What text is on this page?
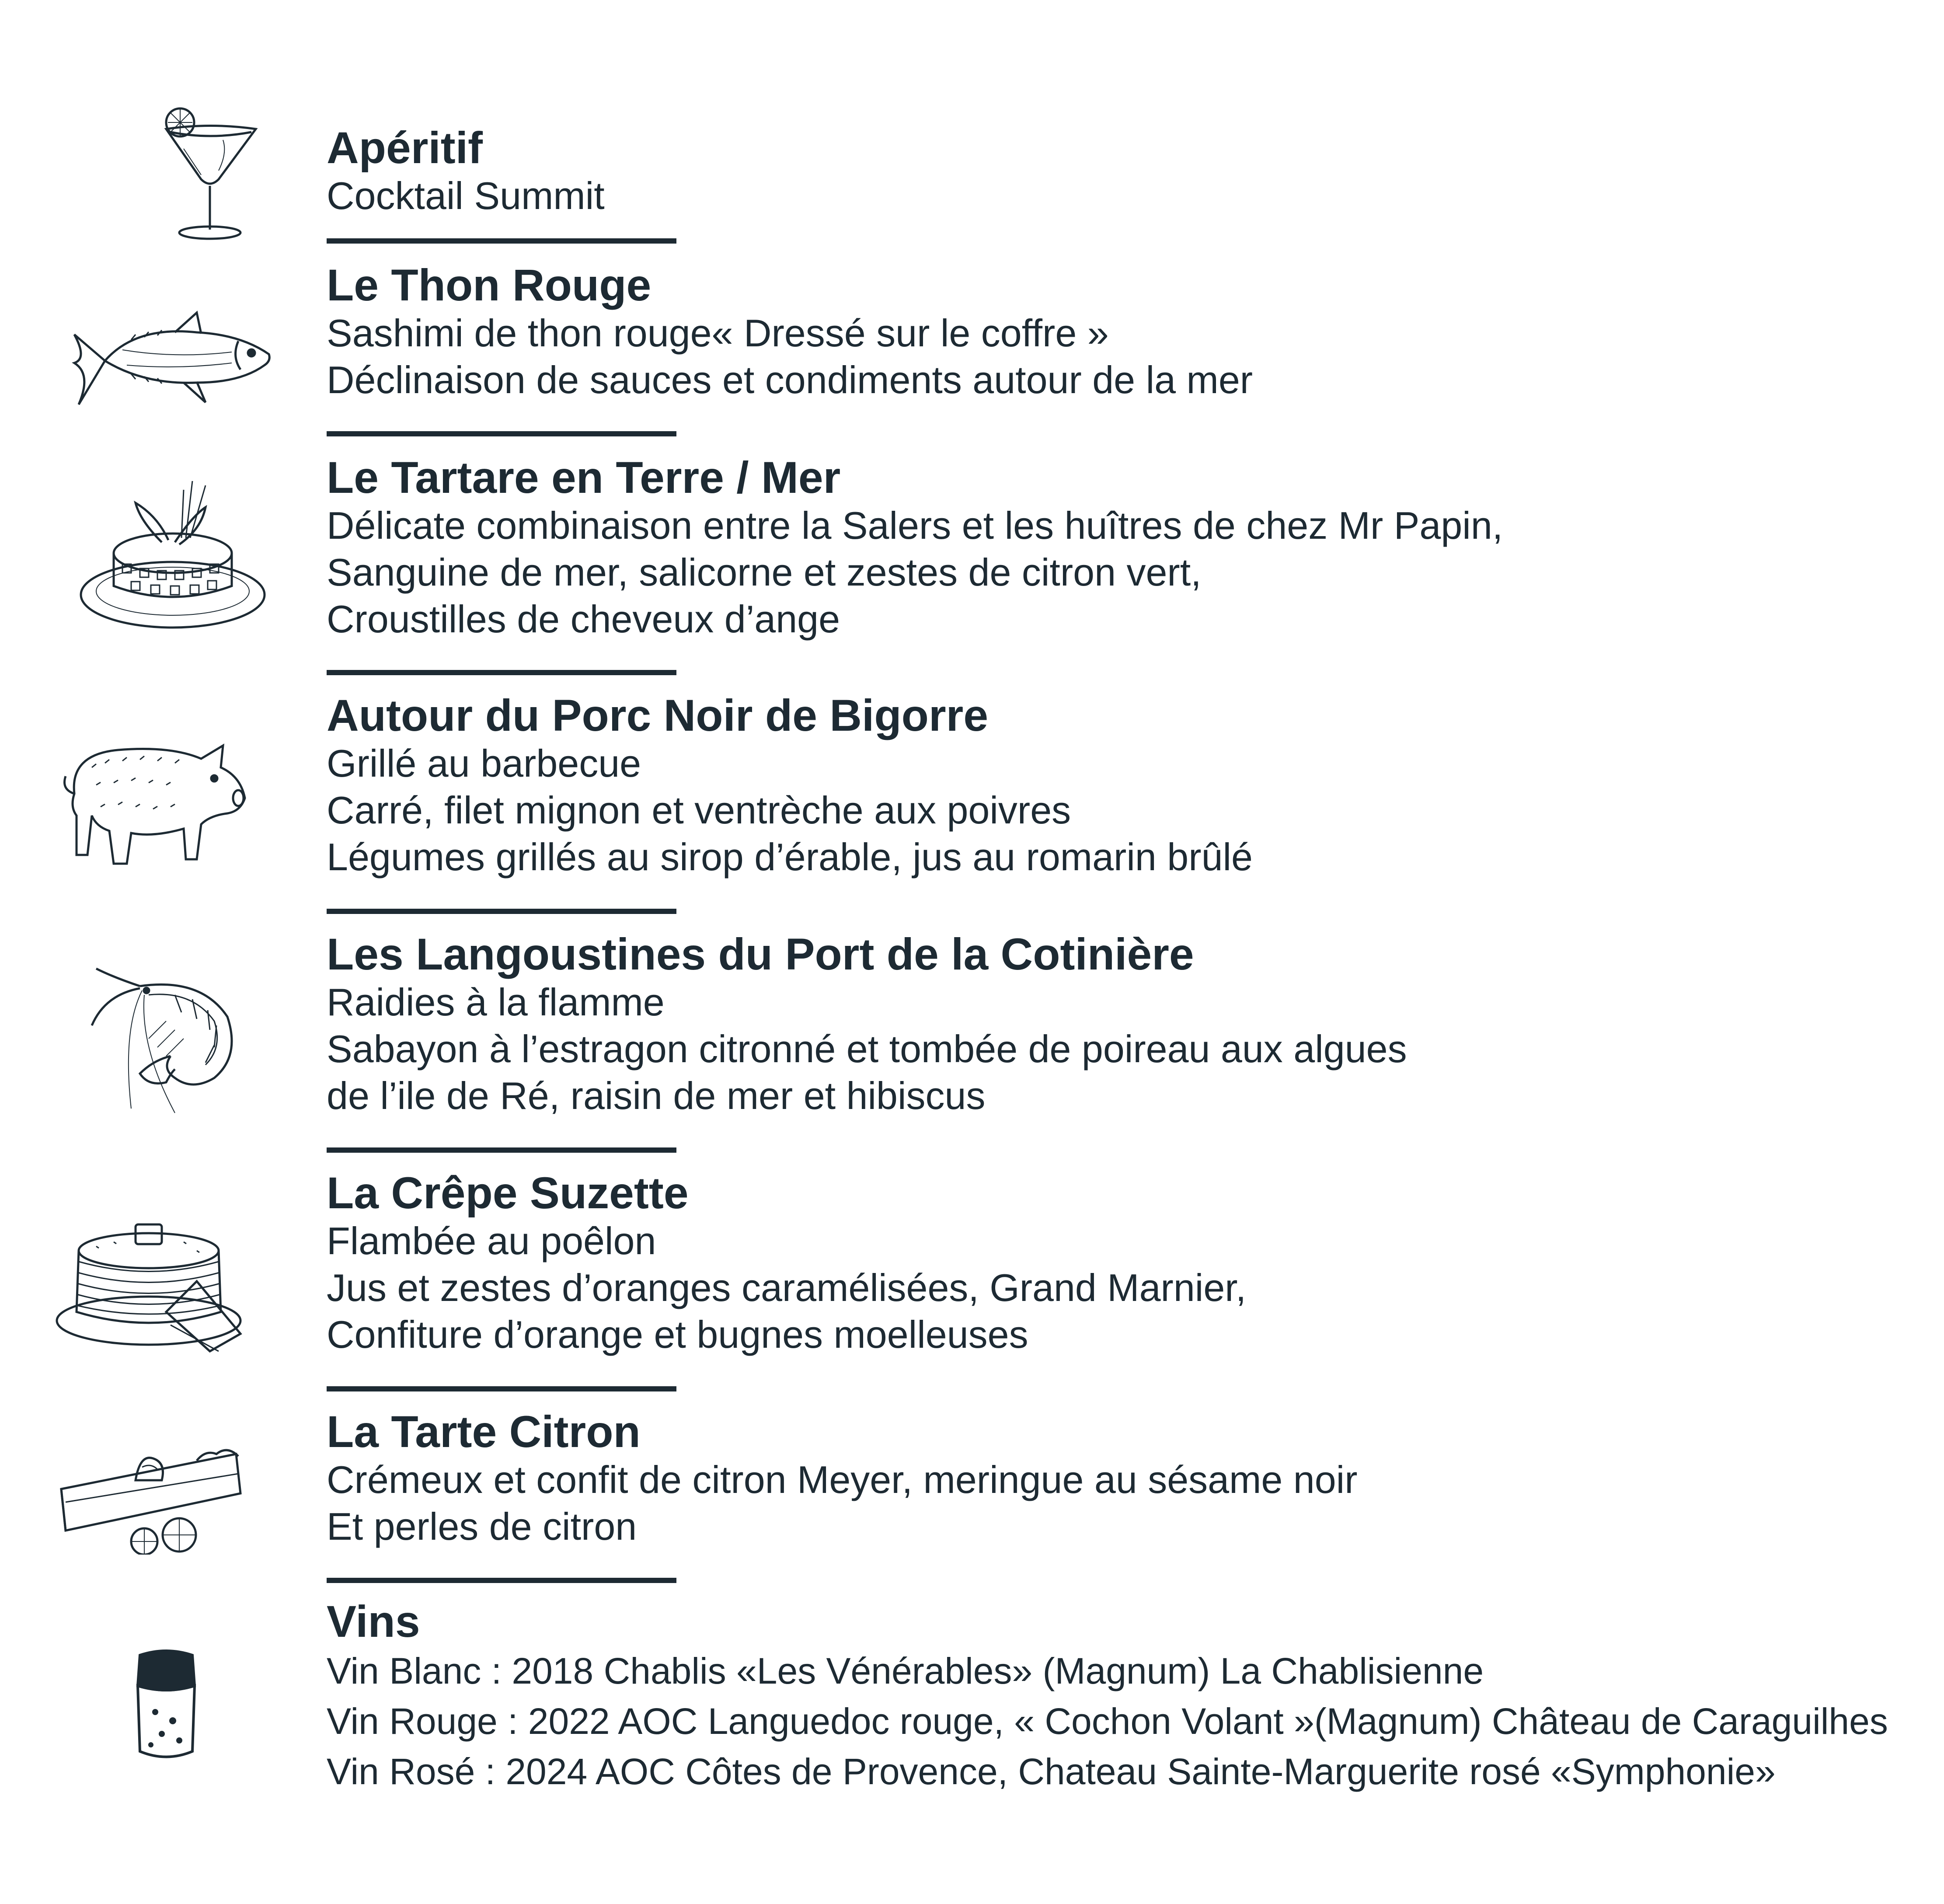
Apéritif
Cocktail Summit
Le Thon Rouge
Sashimi de thon rouge« Dressé sur le coffre »
Déclinaison de sauces et condiments autour de la mer
Le Tartare en Terre / Mer
Délicate combinaison entre la Salers et les huîtres de chez Mr Papin,
Sanguine de mer, salicorne et zestes de citron vert,
Croustilles de cheveux d’ange
Autour du Porc Noir de Bigorre
Grillé au barbecue
Carré, filet mignon et ventrèche aux poivres
Légumes grillés au sirop d’érable, jus au romarin brûlé
Les Langoustines du Port de la Cotinière
Raidies à la flamme
Sabayon à l’estragon citronné et tombée de poireau aux algues
de l’ile de Ré, raisin de mer et hibiscus
La Crêpe Suzette
Flambée au poêlon
Jus et zestes d’oranges caramélisées, Grand Marnier,
Confiture d’orange et bugnes moelleuses
La Tarte Citron
Crémeux et confit de citron Meyer, meringue au sésame noir
Et perles de citron
Vins
Vin Blanc : 2018 Chablis «Les Vénérables» (Magnum) La Chablisienne
Vin Rouge : 2022 AOC Languedoc rouge, « Cochon Volant »(Magnum) Château de Caraguilhes
Vin Rosé : 2024 AOC Côtes de Provence, Chateau Sainte-Marguerite rosé «Symphonie»
